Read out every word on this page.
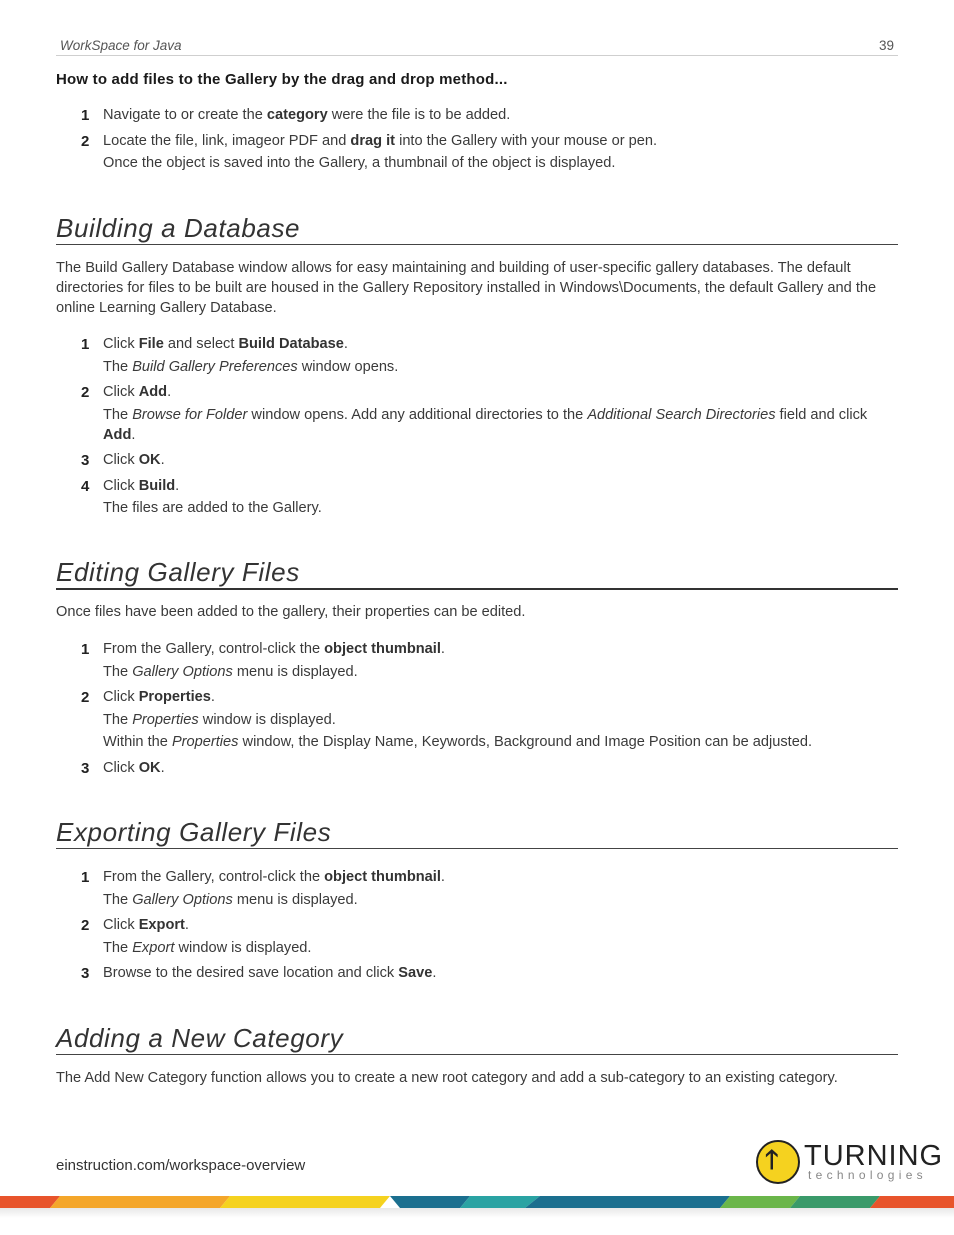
WorkSpace for Java	39
How to add files to the Gallery by the drag and drop method...
1 Navigate to or create the category were the file is to be added.
2 Locate the file, link, imageor PDF and drag it into the Gallery with your mouse or pen.
Once the object is saved into the Gallery, a thumbnail of the object is displayed.
Building a Database
The Build Gallery Database window allows for easy maintaining and building of user-specific gallery databases. The default directories for files to be built are housed in the Gallery Repository installed in Windows\Documents, the default Gallery and the online Learning Gallery Database.
1 Click File and select Build Database.
The Build Gallery Preferences window opens.
2 Click Add.
The Browse for Folder window opens. Add any additional directories to the Additional Search Directories field and click Add.
3 Click OK.
4 Click Build.
The files are added to the Gallery.
Editing Gallery Files
Once files have been added to the gallery, their properties can be edited.
1 From the Gallery, control-click the object thumbnail.
The Gallery Options menu is displayed.
2 Click Properties.
The Properties window is displayed.
Within the Properties window, the Display Name, Keywords, Background and Image Position can be adjusted.
3 Click OK.
Exporting Gallery Files
1 From the Gallery, control-click the object thumbnail.
The Gallery Options menu is displayed.
2 Click Export.
The Export window is displayed.
3 Browse to the desired save location and click Save.
Adding a New Category
The Add New Category function allows you to create a new root category and add a sub-category to an existing category.
einstruction.com/workspace-overview	🡑 TURNING
technologies
